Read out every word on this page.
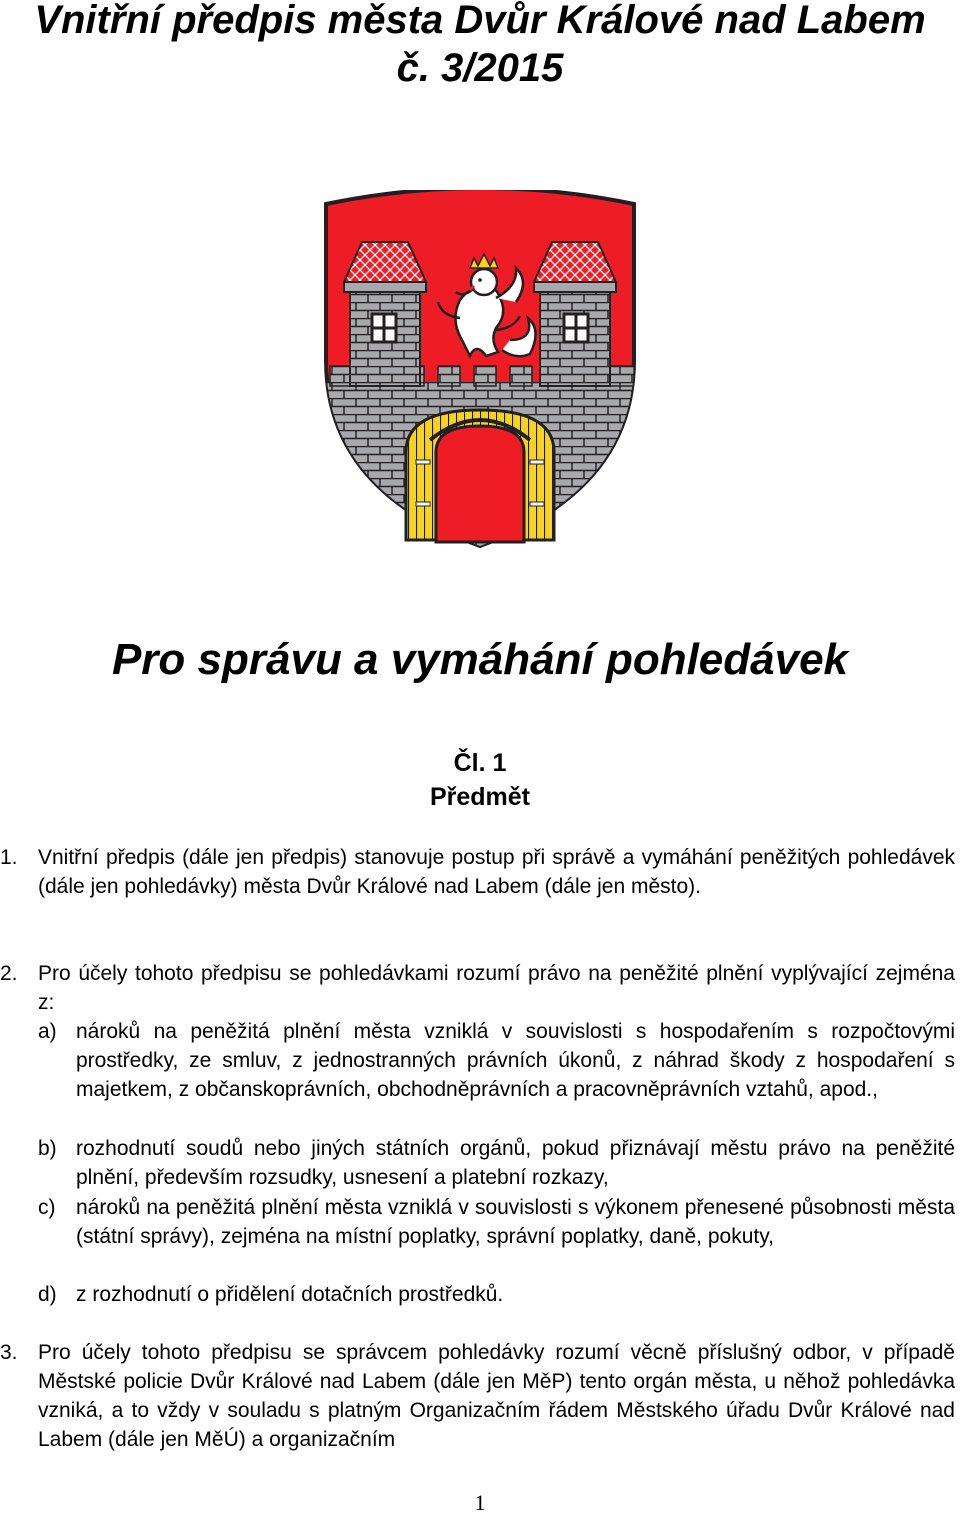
Vnitřní předpis města Dvůr Králové nad Labem
č. 3/2015
Pro správu a vymáhání pohledávek
Čl. 1
Předmět
1. Vnitřní předpis (dále jen předpis) stanovuje postup při správě a vymáhání peněžitých pohledávek (dále jen pohledávky) města Dvůr Králové nad Labem (dále jen město).
2. Pro účely tohoto předpisu se pohledávkami rozumí právo na peněžité plnění vyplývající zejména z:
a) nároků na peněžitá plnění města vzniklá v souvislosti s hospodařením s rozpočtovými prostředky, ze smluv, z jednostranných právních úkonů, z náhrad škody z hospodaření s majetkem, z občanskoprávních, obchodněprávních a pracovněprávních vztahů, apod.,
b) rozhodnutí soudů nebo jiných státních orgánů, pokud přiznávají městu právo na peněžité plnění, především rozsudky, usnesení a platební rozkazy,
c) nároků na peněžitá plnění města vzniklá v souvislosti s výkonem přenesené působnosti města (státní správy), zejména na místní poplatky, správní poplatky, daně, pokuty,
d) z rozhodnutí o přidělení dotačních prostředků.
3. Pro účely tohoto předpisu se správcem pohledávky rozumí věcně příslušný odbor, v případě Městské policie Dvůr Králové nad Labem (dále jen MěP) tento orgán města, u něhož pohledávka vzniká, a to vždy v souladu s platným Organizačním řádem Městského úřadu Dvůr Králové nad Labem (dále jen MěÚ) a organizačním
1
